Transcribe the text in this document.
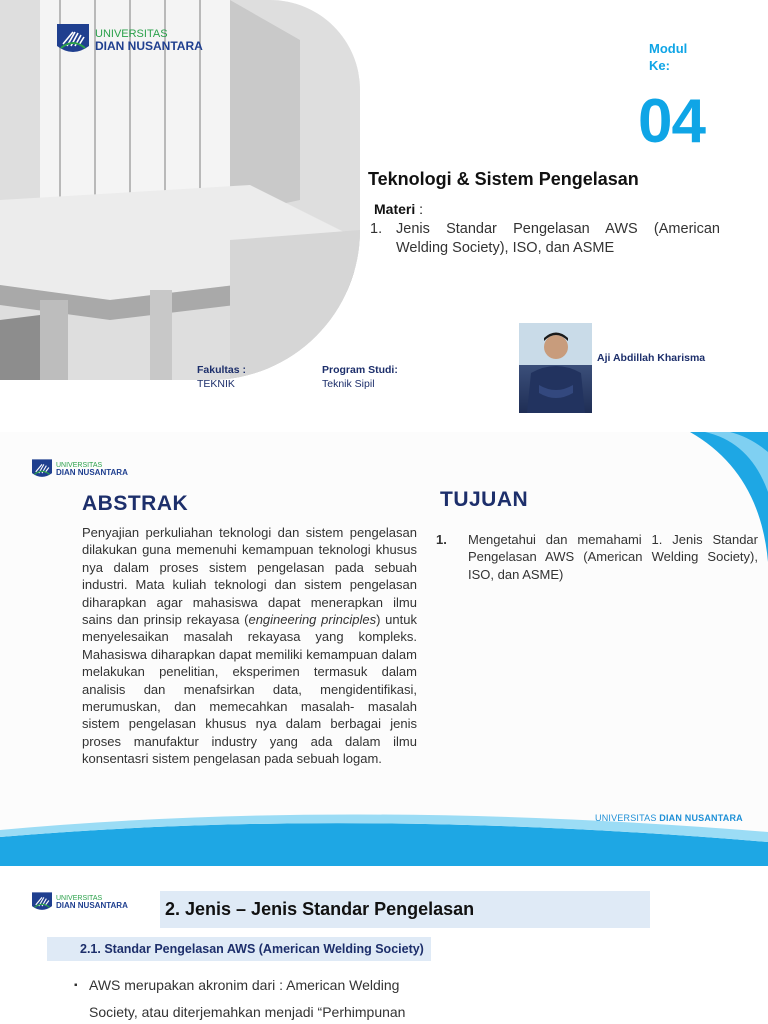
UNIVERSITAS
DIAN NUSANTARA	Modul Ke:
04
Teknologi & Sistem Pengelasan
Materi :
1. Jenis Standar Pengelasan AWS (American Welding Society), ISO, dan ASME
Aji Abdillah Kharisma
Fakultas :
TEKNIK
Program Studi:
Teknik Sipil
UNIVERSITAS
DIAN NUSANTARA
ABSTRAK
Penyajian perkuliahan teknologi dan sistem pengelasan dilakukan guna memenuhi kemampuan teknologi khusus nya dalam proses sistem pengelasan pada sebuah industri. Mata kuliah teknologi dan sistem pengelasan diharapkan agar mahasiswa dapat menerapkan ilmu sains dan prinsip rekayasa (engineering principles) untuk menyelesaikan masalah rekayasa yang kompleks. Mahasiswa diharapkan dapat memiliki kemampuan dalam melakukan penelitian, eksperimen termasuk dalam analisis dan menafsirkan data, mengidentifikasi, merumuskan, dan memecahkan masalah- masalah sistem pengelasan khusus nya dalam berbagai jenis proses manufaktur industry yang ada dalam ilmu konsentasri sistem pengelasan pada sebuah logam.
TUJUAN
1.	Mengetahui dan memahami 1. Jenis Standar Pengelasan AWS (American Welding Society), ISO, dan ASME)
UNIVERSITAS DIAN NUSANTARA
UNIVERSITAS
DIAN NUSANTARA 2. Jenis – Jenis Standar Pengelasan
2.1. Standar Pengelasan AWS (American Welding Society)
▪ AWS merupakan akronim dari : American Welding Society, atau diterjemahkan menjadi “Perhimpunan
